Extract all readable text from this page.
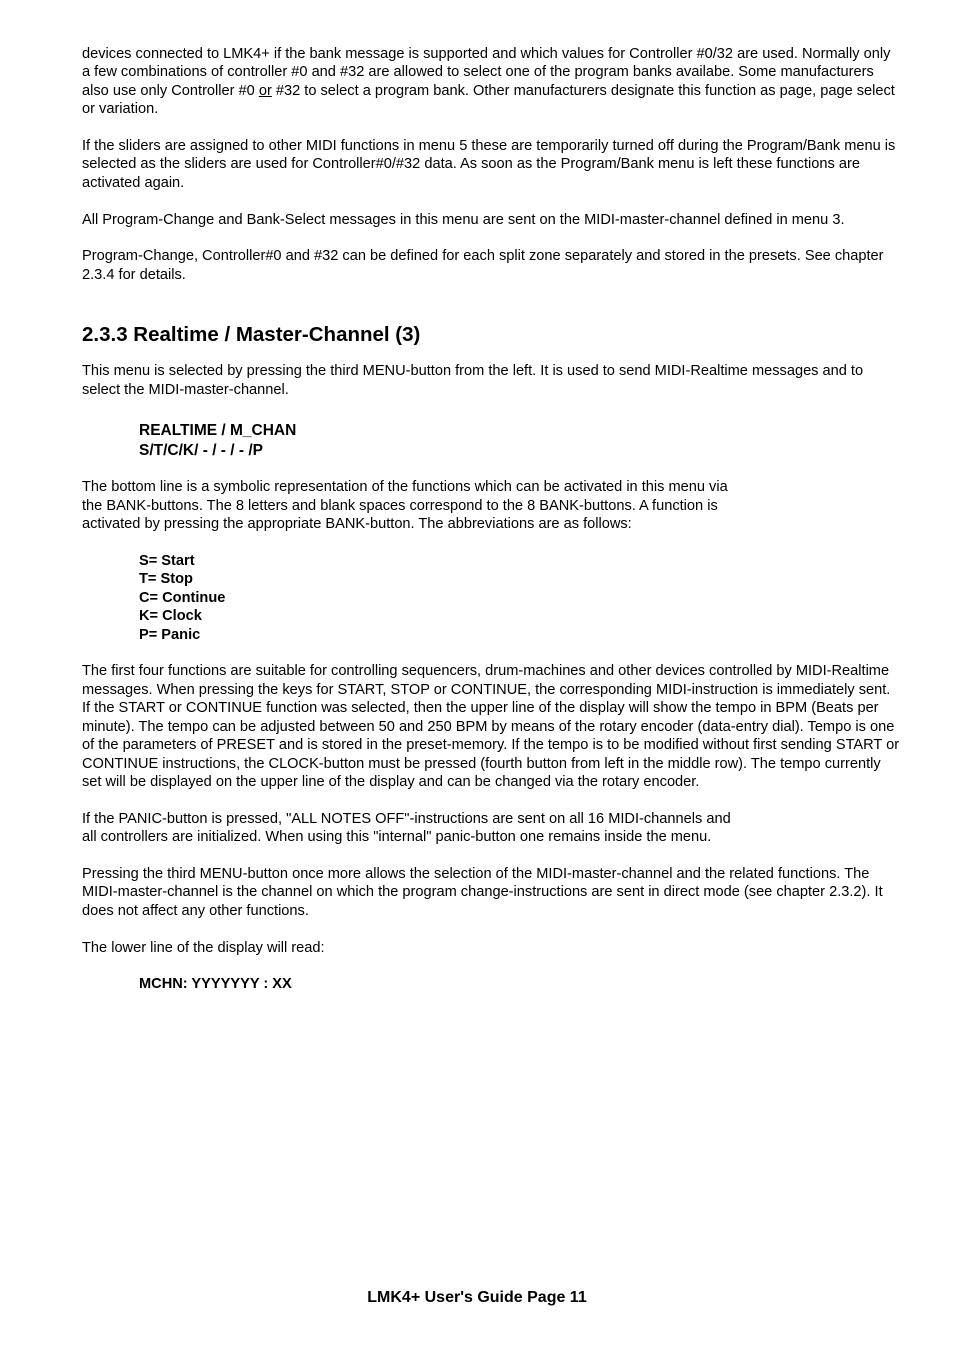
devices connected to LMK4+ if the bank message is supported and which values for Controller #0/32 are used. Normally only a few combinations of controller #0 and #32 are allowed to select one of the program banks availabe. Some manufacturers also use only Controller #0 or #32 to select a program bank. Other manufacturers designate this function as page, page select or variation.

If the sliders are assigned to other MIDI functions in menu 5 these are temporarily turned off during the Program/Bank menu is selected as the sliders are used for Controller#0/#32 data. As soon as the Program/Bank menu is left these functions are activated again.

All Program-Change and Bank-Select messages in this menu are sent on the MIDI-master-channel defined in menu 3.

Program-Change, Controller#0 and #32 can be defined for each split zone separately and stored in the presets. See chapter 2.3.4 for details.

2.3.3 Realtime / Master-Channel (3)

This menu is selected by pressing the third MENU-button from the left. It is used to send MIDI-Realtime messages and to select the MIDI-master-channel.

REALTIME / M_CHAN

S/T/C/K/ - / - / - /P

The bottom line is a symbolic representation of the functions which can be activated in this menu via
the BANK-buttons. The 8 letters and blank spaces correspond to the 8 BANK-buttons. A function is
activated by pressing the appropriate BANK-button. The abbreviations are as follows:

S= Start

T= Stop

C= Continue

K= Clock

P= Panic

The first four functions are suitable for controlling sequencers, drum-machines and other devices controlled by MIDI-Realtime messages. When pressing the keys for START, STOP or CONTINUE, the corresponding MIDI-instruction is immediately sent. If the START or CONTINUE function was selected, then the upper line of the display will show the tempo in BPM (Beats per minute). The tempo can be adjusted between 50 and 250 BPM by means of the rotary encoder (data-entry dial). Tempo is one of the parameters of PRESET and is stored in the preset-memory. If the tempo is to be modified without first sending START or CONTINUE instructions, the CLOCK-button must be pressed (fourth button from left in the middle row). The tempo currently set will be displayed on the upper line of the display and can be changed via the rotary encoder.

If the PANIC-button is pressed, "ALL NOTES OFF"-instructions are sent on all 16 MIDI-channels and
all controllers are initialized. When using this "internal" panic-button one remains inside the menu.

Pressing the third MENU-button once more allows the selection of the MIDI-master-channel and the related functions. The MIDI-master-channel is the channel on which the program change-instructions are sent in direct mode (see chapter 2.3.2). It does not affect any other functions.

The lower line of the display will read:

MCHN: YYYYYYY : XX

LMK4+ User's Guide Page 11
